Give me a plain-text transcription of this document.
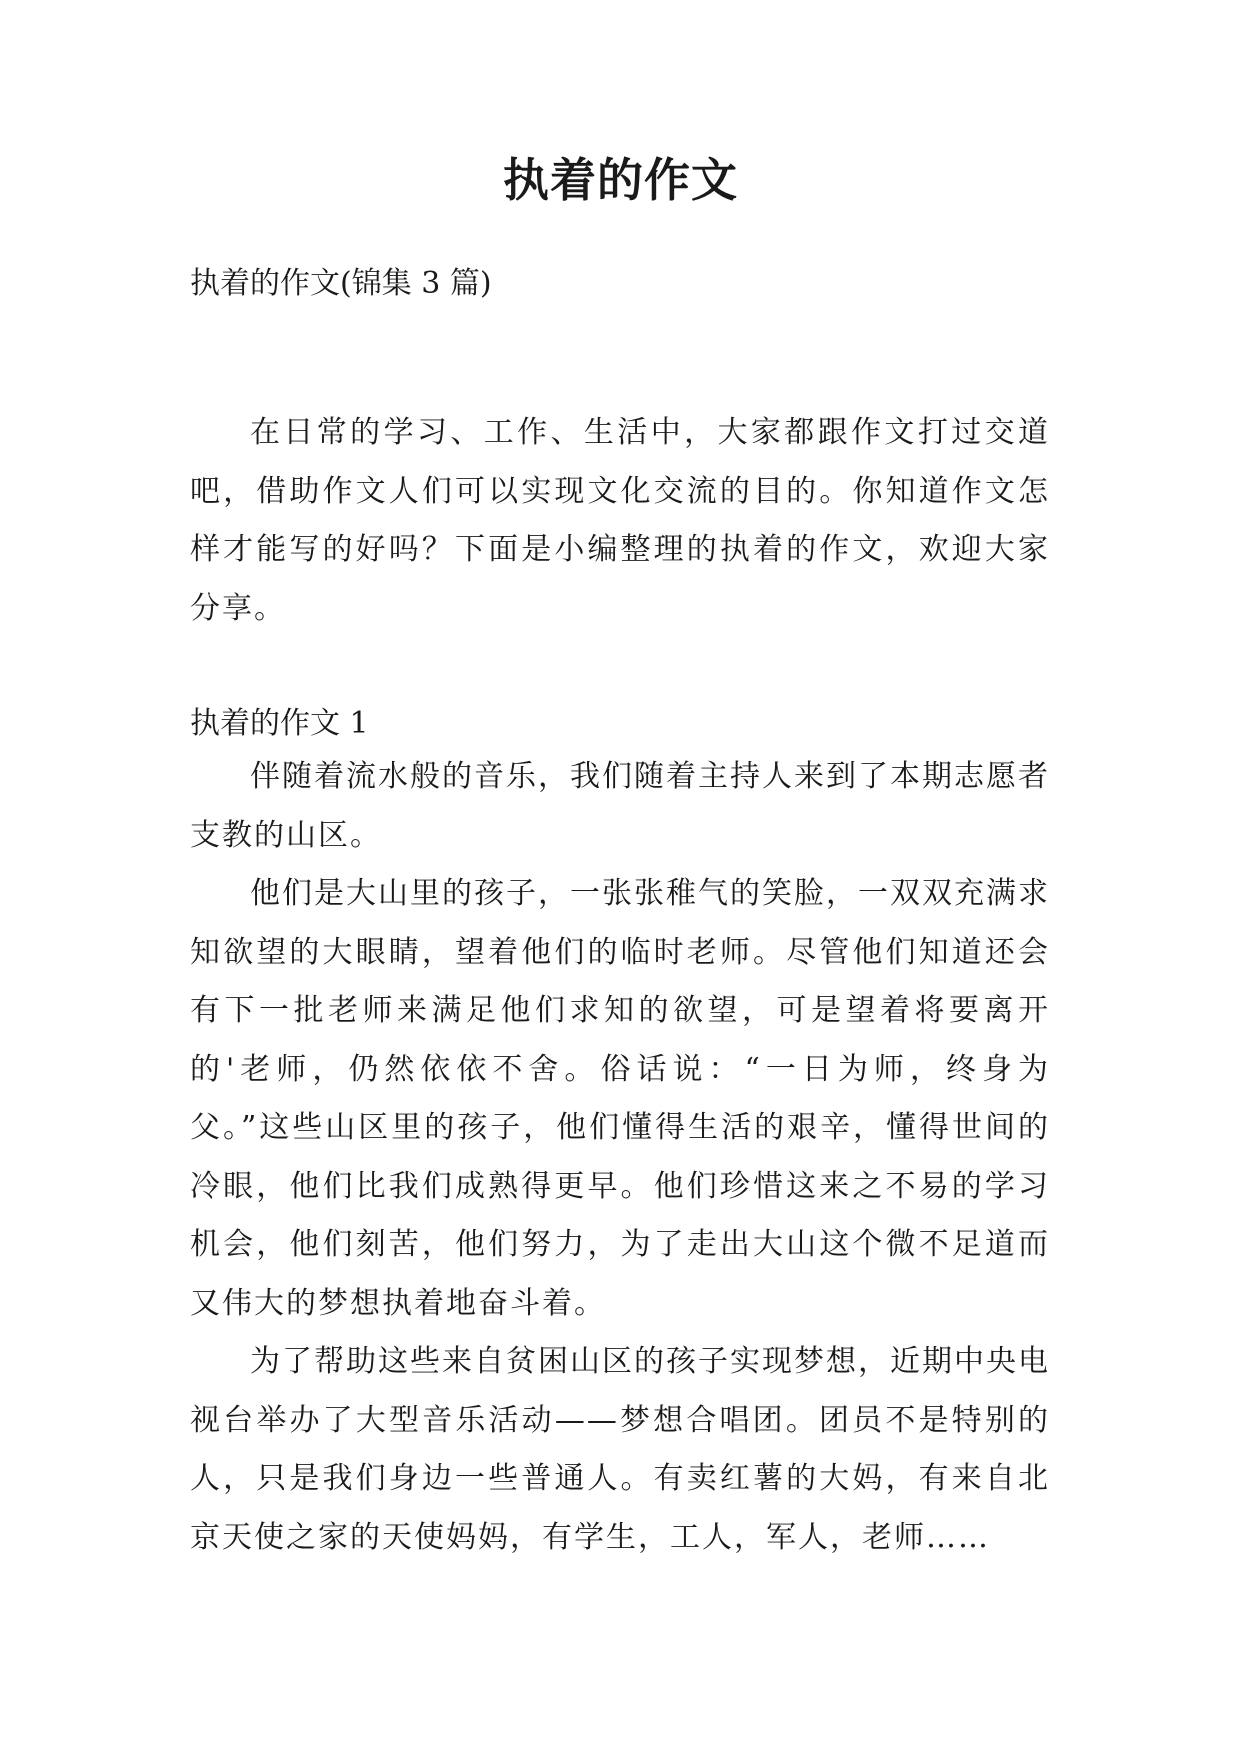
执着的作文
执着的作文(锦集 3 篇)

在日常的学习、工作、生活中，大家都跟作文打过交道吧，借助作文人们可以实现文化交流的目的。你知道作文怎样才能写的好吗？下面是小编整理的执着的作文，欢迎大家分享。

执着的作文 1

伴随着流水般的音乐，我们随着主持人来到了本期志愿者支教的山区。

他们是大山里的孩子，一张张稚气的笑脸，一双双充满求知欲望的大眼睛，望着他们的临时老师。尽管他们知道还会有下一批老师来满足他们求知的欲望，可是望着将要离开的'老师，仍然依依不舍。俗话说：“一日为师，终身为父。”这些山区里的孩子，他们懂得生活的艰辛，懂得世间的冷眼，他们比我们成熟得更早。他们珍惜这来之不易的学习机会，他们刻苦，他们努力，为了走出大山这个微不足道而又伟大的梦想执着地奋斗着。

为了帮助这些来自贫困山区的孩子实现梦想，近期中央电视台举办了大型音乐活动——梦想合唱团。团员不是特别的人，只是我们身边一些普通人。有卖红薯的大妈，有来自北京天使之家的天使妈妈，有学生，工人，军人，老师……
